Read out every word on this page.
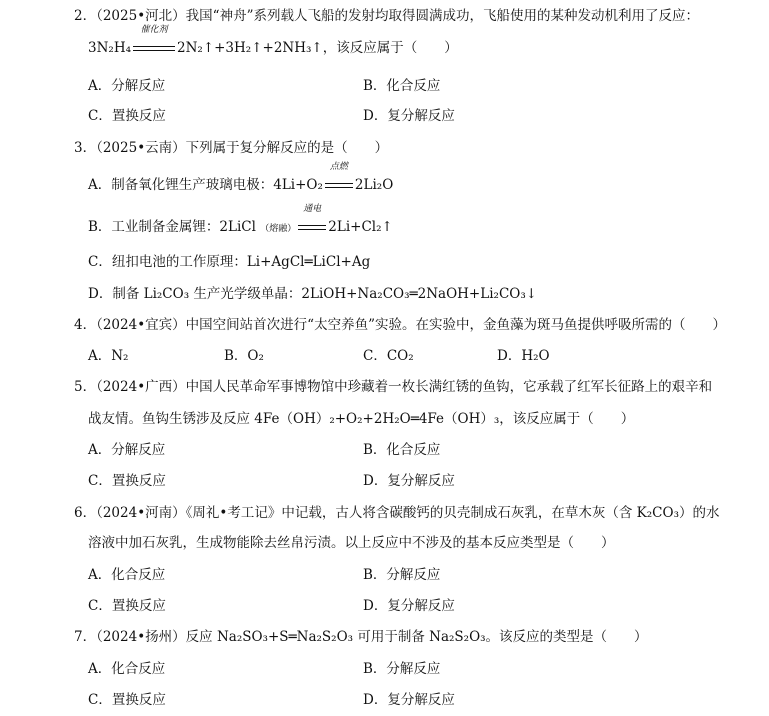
2．（2025•河北）我国“神舟”系列载人飞船的发射均取得圆满成功，飞船使用的某种发动机利用了反应：
3N₂H₄
催化剂
2N₂↑+3H₂↑+2NH₃↑，该反应属于（　　）
A．分解反应	B．化合反应
C．置换反应	D．复分解反应
3．（2025•云南）下列属于复分解反应的是（　　）
A．制备氧化锂生产玻璃电极：4Li+O₂
点燃
2Li₂O
B．工业制备金属锂：2LiCl （熔融）
通电
2Li+Cl₂↑
C．纽扣电池的工作原理：Li+AgCl═LiCl+Ag
D．制备 Li₂CO₃ 生产光学级单晶：2LiOH+Na₂CO₃═2NaOH+Li₂CO₃↓
4．（2024•宜宾）中国空间站首次进行“太空养鱼”实验。在实验中，金鱼藻为斑马鱼提供呼吸所需的（　　）
A．N₂	B．O₂	C．CO₂	D．H₂O
5．（2024•广西）中国人民革命军事博物馆中珍藏着一枚长满红锈的鱼钩，它承载了红军长征路上的艰辛和
战友情。鱼钩生锈涉及反应 4Fe（OH）₂+O₂+2H₂O═4Fe（OH）₃，该反应属于（　　）
A．分解反应	B．化合反应
C．置换反应	D．复分解反应
6．（2024•河南）《周礼•考工记》中记载，古人将含碳酸钙的贝壳制成石灰乳，在草木灰（含 K₂CO₃）的水
溶液中加石灰乳，生成物能除去丝帛污渍。以上反应中不涉及的基本反应类型是（　　）
A．化合反应	B．分解反应
C．置换反应	D．复分解反应
7．（2024•扬州）反应 Na₂SO₃+S═Na₂S₂O₃ 可用于制备 Na₂S₂O₃。该反应的类型是（　　）
A．化合反应	B．分解反应
C．置换反应	D．复分解反应
